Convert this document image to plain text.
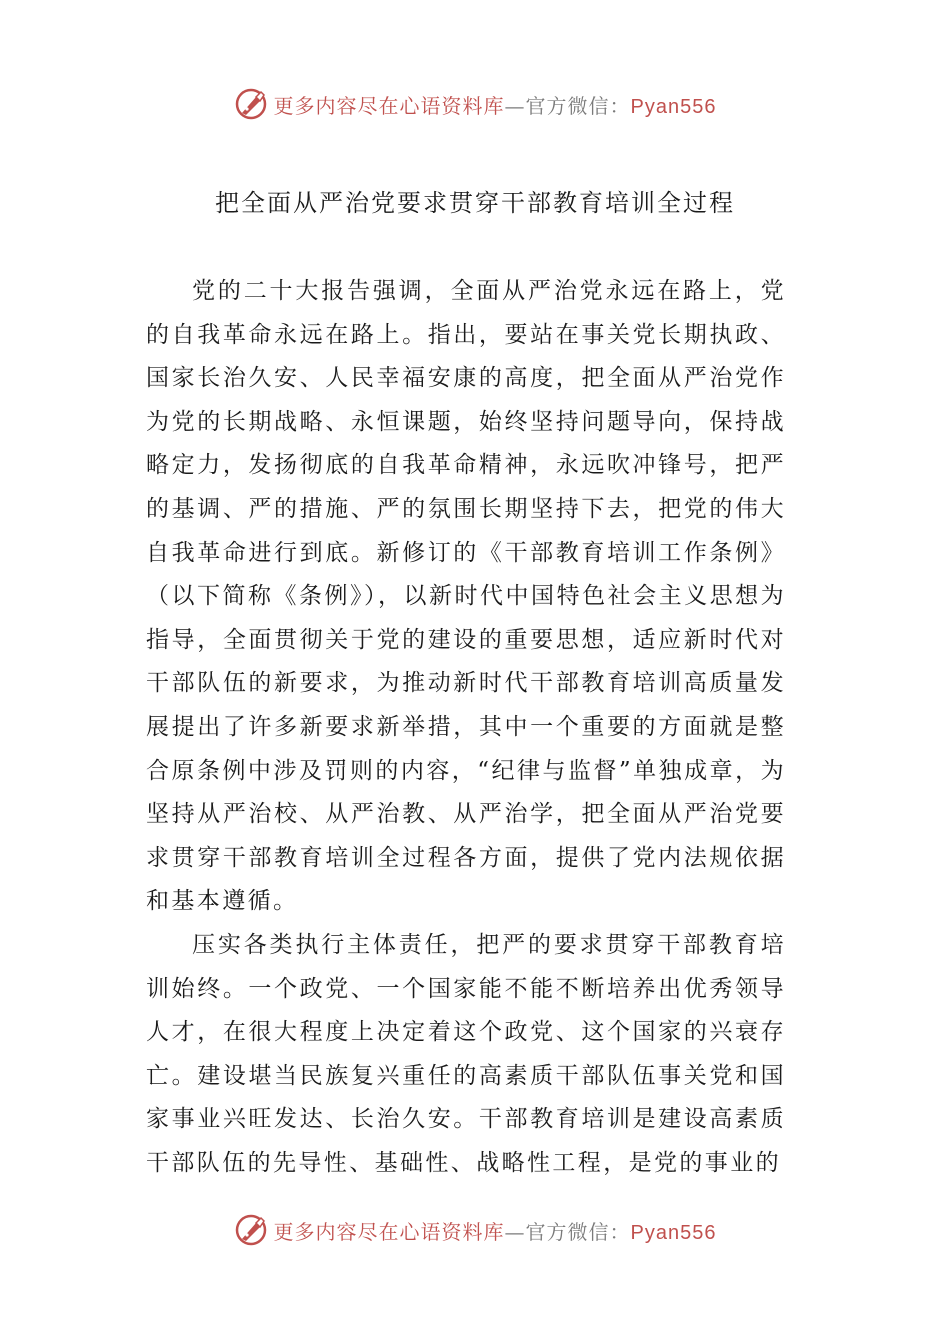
更多内容尽在心语资料库—官方微信：Pyan556
把全面从严治党要求贯穿干部教育培训全过程

党的二十大报告强调，全面从严治党永远在路上，党的自我革命永远在路上。指出，要站在事关党长期执政、国家长治久安、人民幸福安康的高度，把全面从严治党作为党的长期战略、永恒课题，始终坚持问题导向，保持战略定力，发扬彻底的自我革命精神，永远吹冲锋号，把严的基调、严的措施、严的氛围长期坚持下去，把党的伟大自我革命进行到底。新修订的《干部教育培训工作条例》（以下简称《条例》），以新时代中国特色社会主义思想为指导，全面贯彻关于党的建设的重要思想，适应新时代对干部队伍的新要求，为推动新时代干部教育培训高质量发展提出了许多新要求新举措，其中一个重要的方面就是整合原条例中涉及罚则的内容，“纪律与监督”单独成章，为坚持从严治校、从严治教、从严治学，把全面从严治党要求贯穿干部教育培训全过程各方面，提供了党内法规依据和基本遵循。

压实各类执行主体责任，把严的要求贯穿干部教育培训始终。一个政党、一个国家能不能不断培养出优秀领导人才，在很大程度上决定着这个政党、这个国家的兴衰存亡。建设堪当民族复兴重任的高素质干部队伍事关党和国家事业兴旺发达、长治久安。干部教育培训是建设高素质干部队伍的先导性、基础性、战略性工程，是党的事业的

更多内容尽在心语资料库—官方微信：Pyan556
